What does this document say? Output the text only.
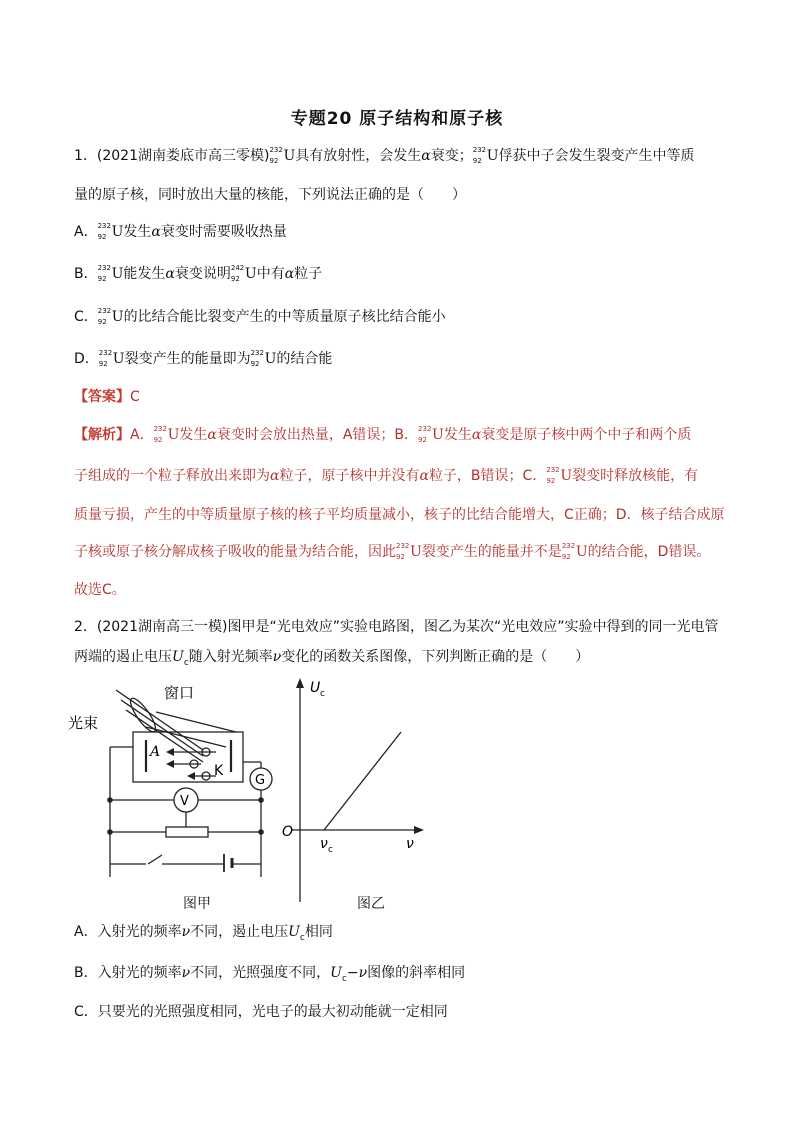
专题20 原子结构和原子核
1．(2021湖南娄底市高三零模) 232
92 U具有放射性，会发生α衰变； 232
92 U俘获中子会发生裂变产生中等质
量的原子核，同时放出大量的核能，下列说法正确的是（　　）
A． 232
92 U发生α衰变时需要吸收热量
B． 232
92 U能发生α衰变说明 242
92 U中有α粒子
C． 232
92 U的比结合能比裂变产生的中等质量原子核比结合能小
D． 232
92 U裂变产生的能量即为 232
92 U的结合能
【答案】C
【解析】A． 232
92 U发生α衰变时会放出热量，A错误；B． 232
92 U发生α衰变是原子核中两个中子和两个质
子组成的一个粒子释放出来即为α粒子，原子核中并没有α粒子，B错误；C． 232
92 U裂变时释放核能，有
质量亏损，产生的中等质量原子核的核子平均质量减小，核子的比结合能增大，C正确；D．核子结合成原
子核或原子核分解成核子吸收的能量为结合能，因此 232
92 U裂变产生的能量并不是 232
92 U的结合能，D错误。
故选C。
2．(2021湖南高三一模)图甲是“光电效应”实验电路图，图乙为某次“光电效应”实验中得到的同一光电管
两端的遏止电压$U_c$随入射光频率ν变化的函数关系图像，下列判断正确的是（　　）
窗口
光束
A
K
G
V
U c
O
ν c	ν
图甲	图乙
A．入射光的频率ν不同，遏止电压$U_c$相同
B．入射光的频率ν不同，光照强度不同，$U_c-\nu$图像的斜率相同
C．只要光的光照强度相同，光电子的最大初动能就一定相同
